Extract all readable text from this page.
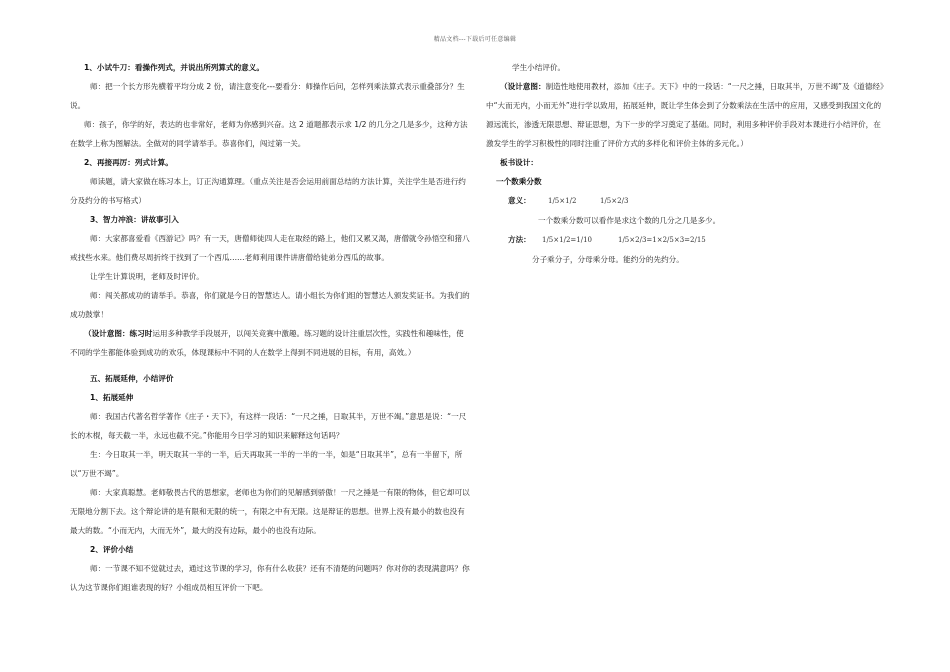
精品文档---下载后可任意编辑

1、小试牛刀：看操作列式，并说出所列算式的意义。

师：把一个长方形先横着平均分成 2 份，请注意变化---要看分：师操作后问，怎样列乘法算式表示重叠部分？生说。

师：孩子，你学的好，表达的也非常好，老师为你感到兴奋。这 2 道题都表示求 1/2 的几分之几是多少，这种方法在数学上称为图解法。全做对的同学请举手。恭喜你们，闯过第一关。

2、再接再厉：列式计算。

师读题，请大家做在练习本上，订正沟通算理。（重点关注是否会运用前面总结的方法计算，关注学生是否进行约分及约分的书写格式）

3、智力冲浪：讲故事引入

师：大家都喜爱看《西游记》吗？有一天，唐僧师徒四人走在取经的路上，他们又累又渴，唐僧就令孙悟空和猪八戒找些水来。他们费尽周折终于找到了一个西瓜……老师利用课件讲唐僧给徒弟分西瓜的故事。

让学生计算说明，老师及时评价。

师：闯关都成功的请举手。恭喜，你们就是今日的智慧达人。请小组长为你们组的智慧达人颁发奖证书。为我们的成功鼓掌！

（设计意图：练习时运用多种教学手段展开，以闯关竞赛中激趣。练习题的设计注重层次性，实践性和趣味性，使不同的学生都能体验到成功的欢乐，体现课标中不同的人在数学上得到不同进展的目标，有用，高效。）

五、拓展延伸，小结评价

1、拓展延伸

师：我国古代著名哲学著作《庄子・天下》，有这样一段话：“一尺之捶，日取其半，万世不竭。”意思是说：“一尺长的木棍，每天截一半，永远也截不完。”你能用今日学习的知识来解释这句话吗？

生：今日取其一半，明天取其一半的一半，后天再取其一半的一半的一半，如是“日取其半”，总有一半留下，所以“万世不竭”。

师：大家真聪慧。老师敬畏古代的思想家，老师也为你们的见解感到骄傲！一尺之捶是一有限的物体，但它却可以无限地分割下去。这个辩论讲的是有限和无限的统一，有限之中有无限。这是辩证的思想。世界上没有最小的数也没有最大的数。“小而无内，大而无外”，最大的没有边际，最小的也没有边际。

2、评价小结

师：一节课不知不觉就过去，通过这节课的学习，你有什么收获？还有不清楚的问题吗？你对你的表现满意吗？你认为这节课你们组谁表现的好？小组成员相互评价一下吧。

学生小结评价。

（设计意图：制造性地使用教材，添加《庄子。天下》中的一段话：“一尺之捶，日取其半，万世不竭”及《道德经》中“大而无内，小而无外”进行学以致用，拓展延伸，既让学生体会到了分数乘法在生活中的应用，又感受到我国文化的源远流长，渗透无限思想、辩证思想，为下一步的学习奠定了基础。同时，利用多种评价手段对本课进行小结评价，在激发学生的学习积极性的同时注重了评价方式的多样化和评价主体的多元化。）

板书设计：

一个数乘分数

意义：	1/5×1/2	1/5×2/3

一个数乘分数可以看作是求这个数的几分之几是多少。

方法：	1/5×1/2=1/10	1/5×2/3=1×2/5×3=2/15

分子乘分子，分母乘分母。能约分的先约分。
